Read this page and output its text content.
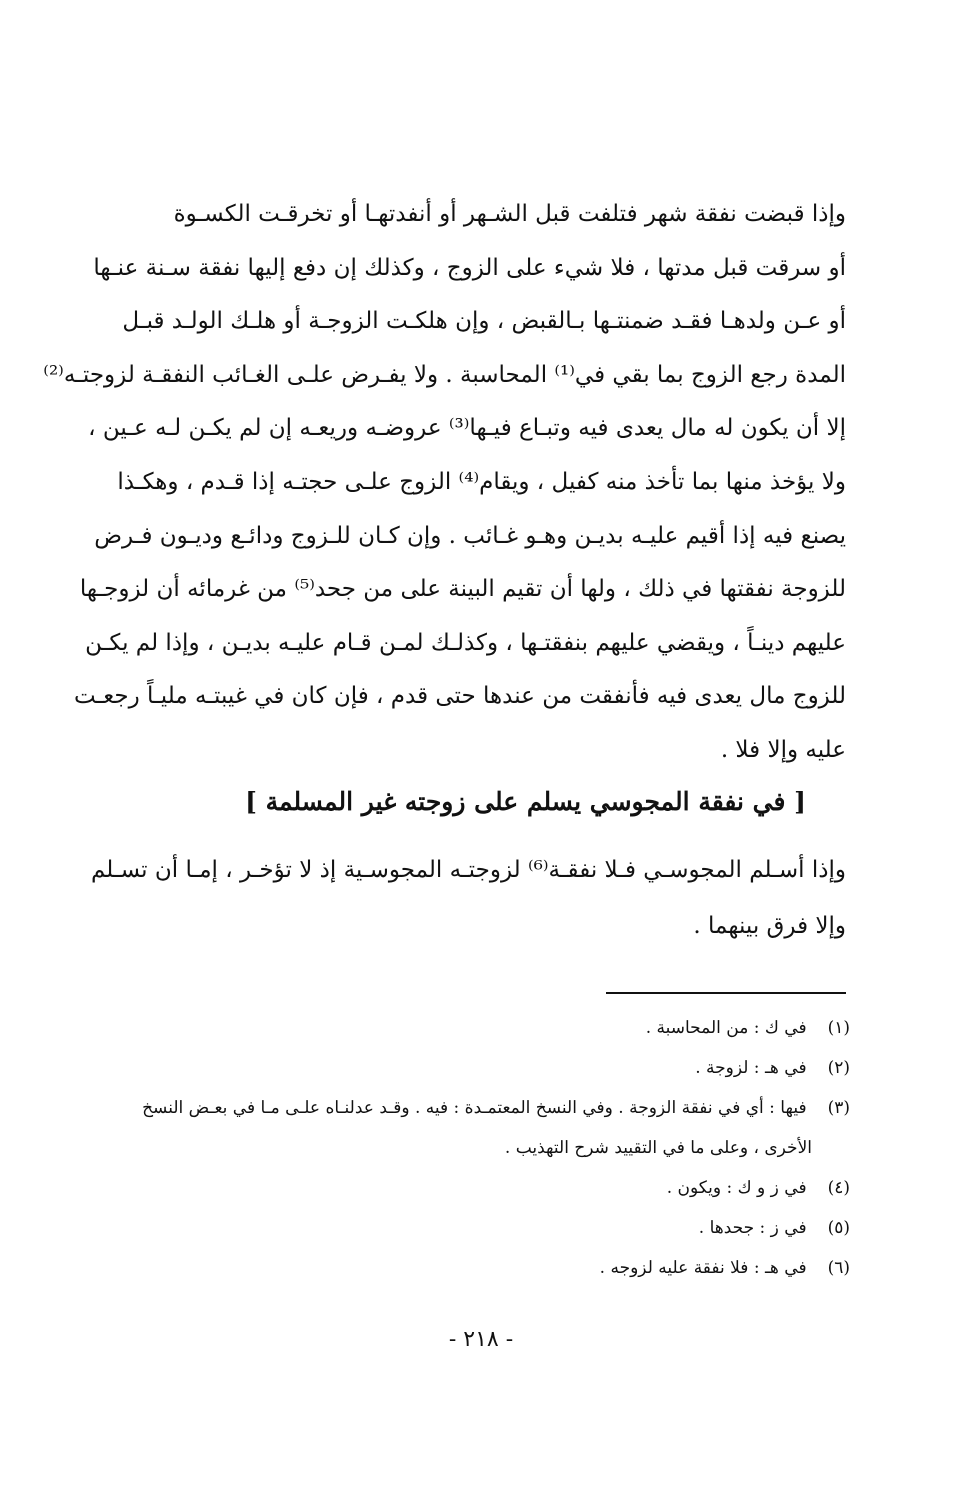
وإذا قبضت نفقة شهر فتلفت قبل الشـهر أو أنفدتهـا أو تخرقـت الكسـوة
أو سرقت قبل مدتها ، فلا شيء على الزوج ، وكذلك إن دفع إليها نفقة سـنة عنـها
أو عـن ولدهـا فقـد ضمنتـها بـالقبض ، وإن هلكـت الزوجـة أو هلـك الولـد قبـل
المدة رجع الزوج بما بقي في⁽¹⁾ المحاسبة . ولا يفـرض علـى الغـائب النفقـة لزوجتـه⁽²⁾
إلا أن يكون له مال يعدى فيه وتبـاع فيـها⁽³⁾ عروضـه وريعـه إن لم يكـن لـه عـين ،
ولا يؤخذ منها بما تأخذ منه كفيل ، ويقام⁽⁴⁾ الزوج علـى حجتـه إذا قـدم ، وهكـذا
يصنع فيه إذا أقيم عليـه بديـن وهـو غـائب . وإن كـان للـزوج ودائـع وديـون فـرض
للزوجة نفقتها في ذلك ، ولها أن تقيم البينة على من جحد⁽⁵⁾ من غرمائه أن لزوجـها
عليهم دينـاً ، ويقضي عليهم بنفقتـها ، وكذلـك لمـن قـام عليـه بديـن ، وإذا لم يكـن
للزوج مال يعدى فيه فأنفقت من عندها حتى قدم ، فإن كان في غيبتـه مليـاً رجعـت
عليه وإلا فلا .
[ في نفقة المجوسي يسلم على زوجته غير المسلمة ]
وإذا أسـلم المجوسـي فـلا نفقـة⁽⁶⁾ لزوجتـه المجوسـية إذ لا تؤخـر ، إمـا أن تسـلم
وإلا فرق بينهما .
(١) في ك : من المحاسبة .
(٢) في هـ : لزوجة .
(٣) فيها : أي في نفقة الزوجة . وفي النسخ المعتمـدة : فيه . وقـد عدلنـاه علـى مـا في بعـض النسخ
الأخرى ، وعلى ما في التقييد شرح التهذيب .
(٤) في ز و ك : ويكون .
(٥) في ز : جحدها .
(٦) في هـ : فلا نفقة عليه لزوجه .
- ٢١٨ -
